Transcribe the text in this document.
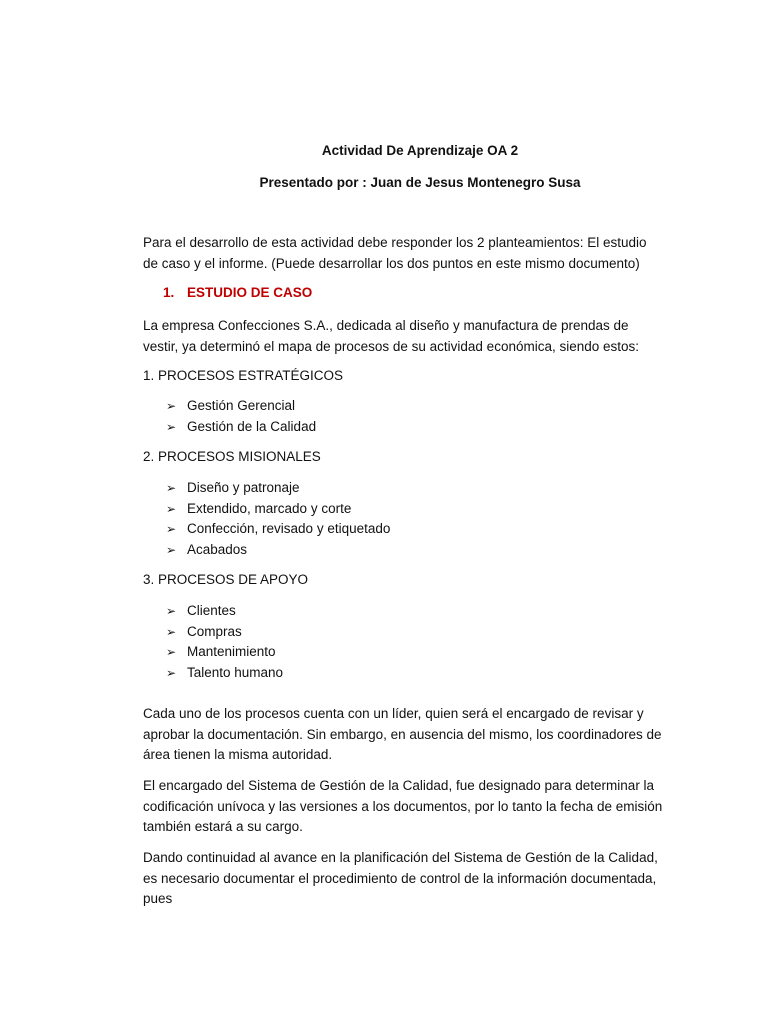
Actividad De Aprendizaje OA 2
Presentado por : Juan de Jesus Montenegro Susa

Para el desarrollo de esta actividad debe responder los 2 planteamientos: El estudio de caso y el informe. (Puede desarrollar los dos puntos en este mismo documento)

1. ESTUDIO DE CASO

La empresa Confecciones S.A., dedicada al diseño y manufactura de prendas de vestir, ya determinó el mapa de procesos de su actividad económica, siendo estos:

1. PROCESOS ESTRATÉGICOS
➢ Gestión Gerencial
➢ Gestión de la Calidad
2. PROCESOS MISIONALES
➢ Diseño y patronaje
➢ Extendido, marcado y corte
➢ Confección, revisado y etiquetado
➢ Acabados
3. PROCESOS DE APOYO
➢ Clientes
➢ Compras
➢ Mantenimiento
➢ Talento humano

Cada uno de los procesos cuenta con un líder, quien será el encargado de revisar y aprobar la documentación. Sin embargo, en ausencia del mismo, los coordinadores de área tienen la misma autoridad.

El encargado del Sistema de Gestión de la Calidad, fue designado para determinar la codificación unívoca y las versiones a los documentos, por lo tanto la fecha de emisión también estará a su cargo.

Dando continuidad al avance en la planificación del Sistema de Gestión de la Calidad, es necesario documentar el procedimiento de control de la información documentada, pues
